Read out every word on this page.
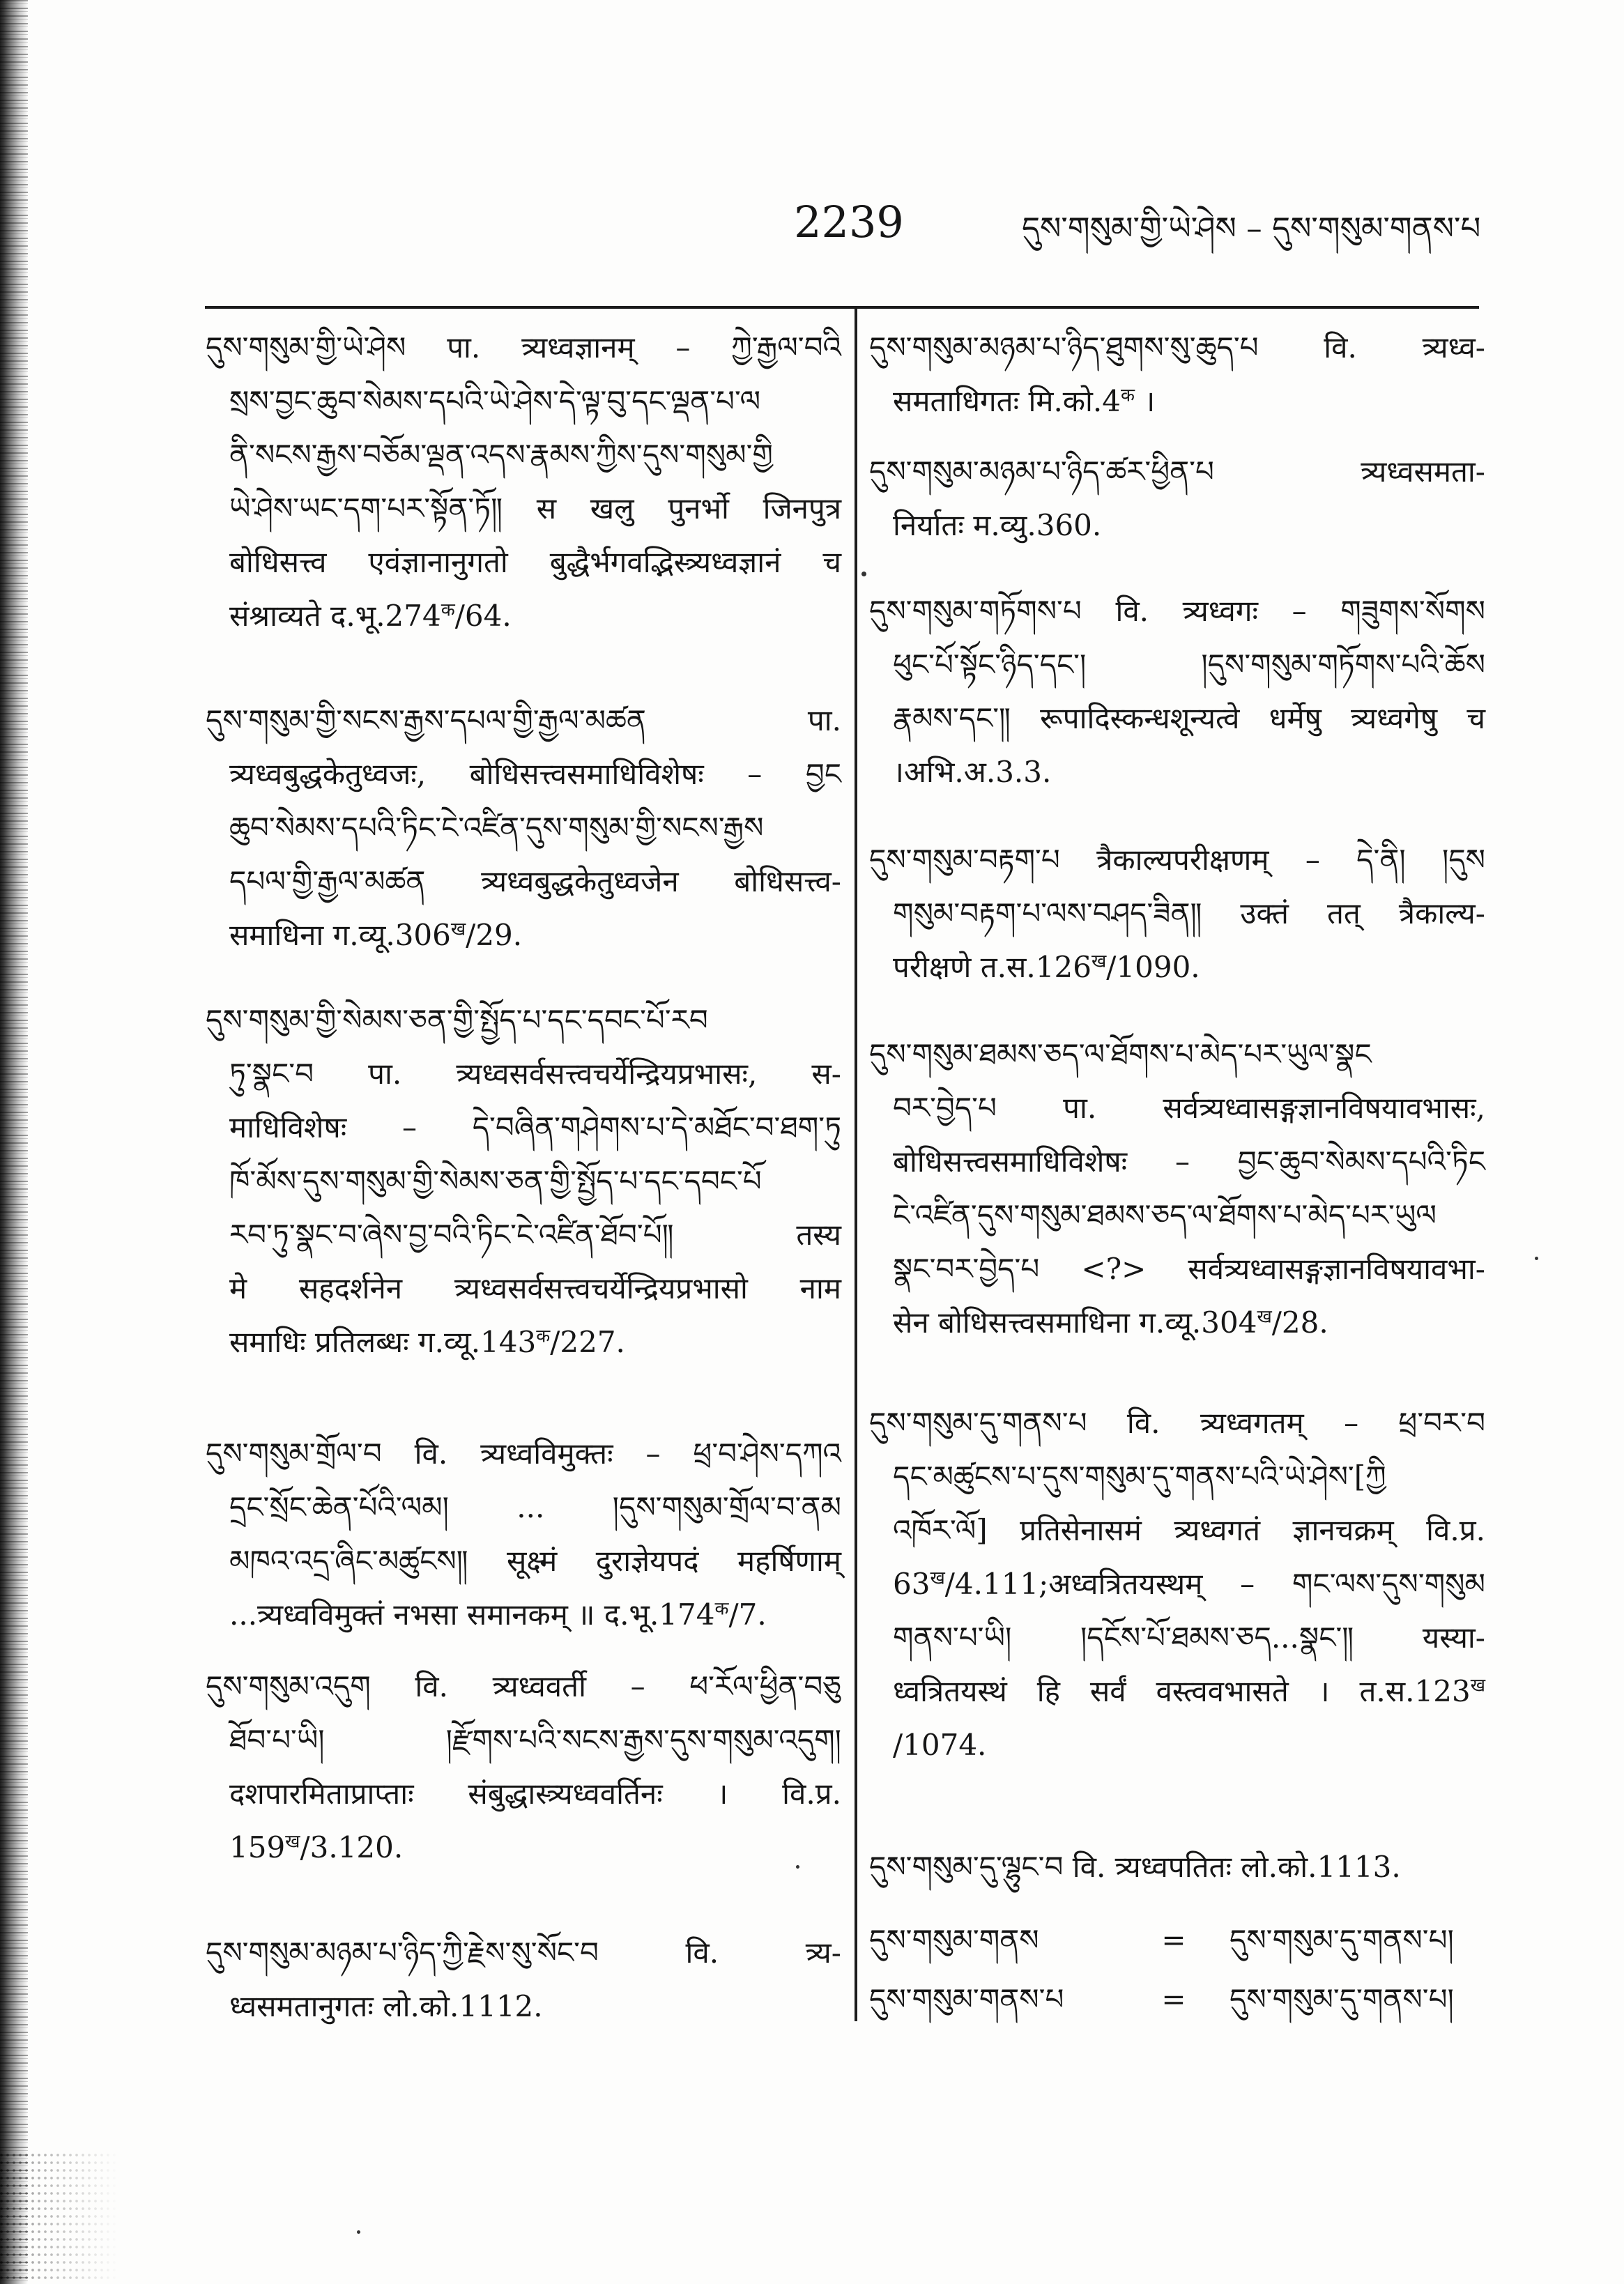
2239	དུས་གསུམ་གྱི་ཡེ་ཤེས – དུས་གསུམ་གནས་པ
དུས་གསུམ་གྱི་ཡེ་ཤེས पा. त्र्यध्वज्ञानम् – ཀྱེ་རྒྱལ་བའི
སྲས་བྱང་ཆུབ་སེམས་དཔའི་ཡེ་ཤེས་དེ་ལྟ་བུ་དང་ལྡན་པ་ལ
ནི་སངས་རྒྱས་བཅོམ་ལྡན་འདས་རྣམས་ཀྱིས་དུས་གསུམ་གྱི
ཡེ་ཤེས་ཡང་དག་པར་སྟོན་ཏོ༎ स खलु पुनर्भो जिनपुत्र
बोधिसत्त्व एवंज्ञानानुगतो बुद्धैर्भगवद्भिस्त्र्यध्वज्ञानं च
संश्राव्यते $द.भू.274^क/64$.
དུས་གསུམ་གྱི་སངས་རྒྱས་དཔལ་གྱི་རྒྱལ་མཚན पा.
त्र्यध्वबुद्धकेतुध्वजः, बोधिसत्त्वसमाधिविशेषः – བྱང
ཆུབ་སེམས་དཔའི་ཏིང་ངེ་འཛིན་དུས་གསུམ་གྱི་སངས་རྒྱས
དཔལ་གྱི་རྒྱལ་མཚན त्र्यध्वबुद्धकेतुध्वजेन बोधिसत्त्व-
समाधिना $ग.व्यू.306^ख/29$.
དུས་གསུམ་གྱི་སེམས་ཅན་གྱི་སྤྱོད་པ་དང་དབང་པོ་རབ
ཏུ་སྣང་བ पा. त्र्यध्वसर्वसत्त्वचर्येन्द्रियप्रभासः, स-
माधिविशेषः – དེ་བཞིན་གཤེགས་པ་དེ་མཐོང་བ་ཐག་ཏུ
ཁོ་མོས་དུས་གསུམ་གྱི་སེམས་ཅན་གྱི་སྤྱོད་པ་དང་དབང་པོ
རབ་ཏུ་སྣང་བ་ཞེས་བྱ་བའི་ཏིང་ངེ་འཛིན་ཐོབ་པོ༎ तस्य
मे सहदर्शनेन त्र्यध्वसर्वसत्त्वचर्येन्द्रियप्रभासो नाम
समाधिः प्रतिलब्धः $ग.व्यू.143^क/227$.
དུས་གསུམ་གྲོལ་བ वि. त्र्यध्वविमुक्तः – ཕྲ་བ་ཤེས་དཀའ
དྲང་སྲོང་ཆེན་པོའི་ལམ། ... །དུས་གསུམ་གྲོལ་བ་ནམ
མཁའ་འདྲ་ཞིང་མཚུངས༎ सूक्ष्मं दुराज्ञेयपदं महर्षिणाम्
...त्र्यध्वविमुक्तं नभसा समानकम् ॥ $द.भू.174^क/7$.
དུས་གསུམ་འདུག वि. त्र्यध्ववर्ती – ཕ་རོལ་ཕྱིན་བཅུ
ཐོབ་པ་ཡི། །རྫོགས་པའི་སངས་རྒྱས་དུས་གསུམ་འདུག།
दशपारमिताप्राप्ताः संबुद्धास्त्र्यध्ववर्तिनः । वि.प्र.
$159^ख/3.120$.
དུས་གསུམ་མཉམ་པ་ཉིད་ཀྱི་རྗེས་སུ་སོང་བ वि. त्र्य-
ध्वसमतानुगतः लो.को.1112.
དུས་གསུམ་མཉམ་པ་ཉིད་ཐུགས་སུ་ཆུད་པ वि. त्र्यध्व-
समताधिगतः $मि.को.4^क$ ।
དུས་གསུམ་མཉམ་པ་ཉིད་ཚར་ཕྱིན་པ त्र्यध्वसमता-
निर्यातः म.व्यु.360.
དུས་གསུམ་གཏོགས་པ वि. त्र्यध्वगः – གཟུགས་སོགས
ཕུང་པོ་སྟོང་ཉིད་དང་། །དུས་གསུམ་གཏོགས་པའི་ཆོས
རྣམས་དང་༎ रूपादिस्कन्धशून्यत्वे धर्मेषु त्र्यध्वगेषु च
।अभि.अ.3.3.
དུས་གསུམ་བརྟག་པ त्रैकाल्यपरीक्षणम् – དེ་ནི། །དུས
གསུམ་བརྟག་པ་ལས་བཤད་ཟིན༎ उक्तं तत् त्रैकाल्य-
परीक्षणे $त.स.126^ख/1090$.
དུས་གསུམ་ཐམས་ཅད་ལ་ཐོགས་པ་མེད་པར་ཡུལ་སྣང
བར་བྱེད་པ पा. सर्वत्र्यध्वासङ्गज्ञानविषयावभासः,
बोधिसत्त्वसमाधिविशेषः – བྱང་ཆུབ་སེམས་དཔའི་ཏིང
ངེ་འཛིན་དུས་གསུམ་ཐམས་ཅད་ལ་ཐོགས་པ་མེད་པར་ཡུལ
སྣང་བར་བྱེད་པ <?> सर्वत्र्यध्वासङ्गज्ञानविषयावभा-
सेन बोधिसत्त्वसमाधिना $ग.व्यू.304^ख/28$.
དུས་གསུམ་དུ་གནས་པ वि. त्र्यध्वगतम् – ཕྲ་བར་བ
དང་མཚུངས་པ་དུས་གསུམ་དུ་གནས་པའི་ཡེ་ཤེས་[ཀྱི
འཁོར་ལོ] प्रतिसेनासमं त्र्यध्वगतं ज्ञानचक्रम् वि.प्र.
$63^ख/4.111;अध्वत्रितयस्थम्$ – གང་ལས་དུས་གསུམ
གནས་པ་ཡི། །དངོས་པོ་ཐམས་ཅད...སྣང་༎ यस्या-
ध्वत्रितयस्थं हि सर्वं वस्त्ववभासते । $त.स.123^ख$
/1074.
དུས་གསུམ་དུ་ལྷུང་བ वि. त्र्यध्वपतितः लो.को.1113.
དུས་གསུམ་གནས	=	དུས་གསུམ་དུ་གནས་པ།
དུས་གསུམ་གནས་པ	=	དུས་གསུམ་དུ་གནས་པ།
